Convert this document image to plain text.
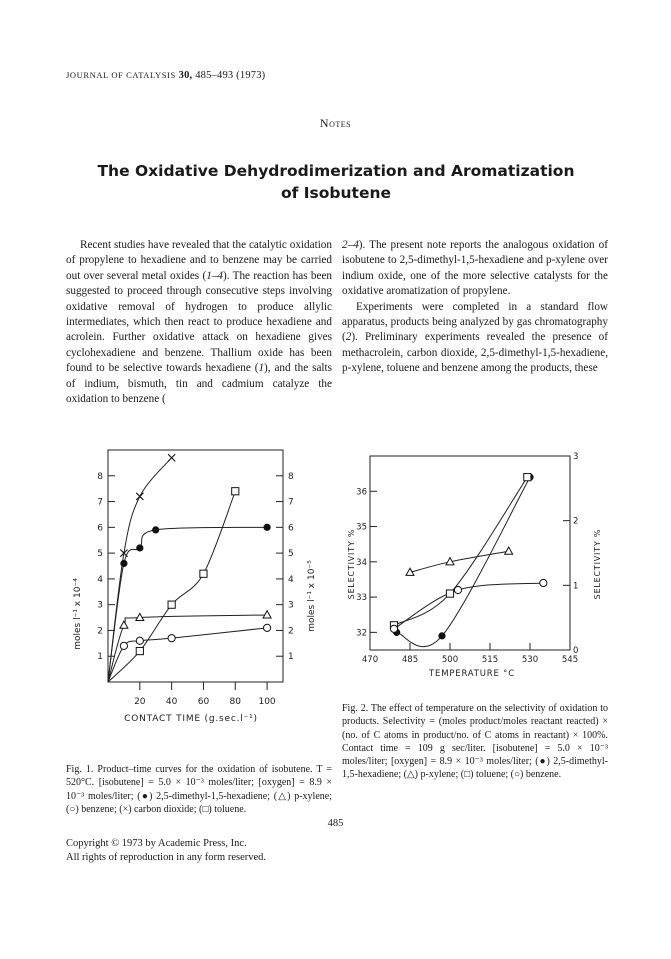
JOURNAL OF CATALYSIS 30, 485–493 (1973)
Notes
The Oxidative Dehydrodimerization and Aromatization
of Isobutene

Recent studies have revealed that the catalytic oxidation of propylene to hexadiene and to benzene may be carried out over several metal oxides (1–4). The reaction has been suggested to proceed through consecutive steps involving oxidative removal of hydrogen to produce allylic intermediates, which then react to produce hexadiene and acrolein. Further oxidative attack on hexadiene gives cyclohexadiene and benzene. Thallium oxide has been found to be selective towards hexadiene (1), and the salts of indium, bismuth, tin and cadmium catalyze the oxidation to benzene (

2–4). The present note reports the analogous oxidation of isobutene to 2,5-dimethyl-1,5-hexadiene and p-xylene over indium oxide, one of the more selective catalysts for the oxidative aromatization of propylene.

Experiments were completed in a standard flow apparatus, products being analyzed by gas chromatography (2). Preliminary experiments revealed the presence of methacrolein, carbon dioxide, 2,5-dimethyl-1,5-hexadiene, p-xylene, toluene and benzene among the products, these

20 40 60 80 100
1
2
3
4
5
6
7
8
1
2
3
4
5
6
7
8
moles l⁻¹ x 10⁻⁴	moles l⁻¹ x 10⁻⁵
CONTACT TIME (g.sec.l⁻¹)
470	485	500	515	530	545
32
33
34
35
36
0
1
2
3
SELECTIVITY %	SELECTIVITY %
TEMPERATURE °C
Fig. 1. Product–time curves for the oxidation of isobutene. T = 520°C. [isobutene] = 5.0 × 10⁻³ moles/liter; [oxygen] = 8.9 × 10⁻³ moles/liter; (●) 2,5-dimethyl-1,5-hexadiene; (△) p-xylene; (○) benzene; (×) carbon dioxide; (□) toluene.
Fig. 2. The effect of temperature on the selectivity of oxidation to products. Selectivity = (moles product/moles reactant reacted) × (no. of C atoms in product/no. of C atoms in reactant) × 100%. Contact time = 109 g sec/liter. [isobutene] = 5.0 × 10⁻³ moles/liter; [oxygen] = 8.9 × 10⁻³ moles/liter; (●) 2,5-dimethyl-1,5-hexadiene; (△) p-xylene; (□) toluene; (○) benzene.
485
Copyright © 1973 by Academic Press, Inc.
All rights of reproduction in any form reserved.
